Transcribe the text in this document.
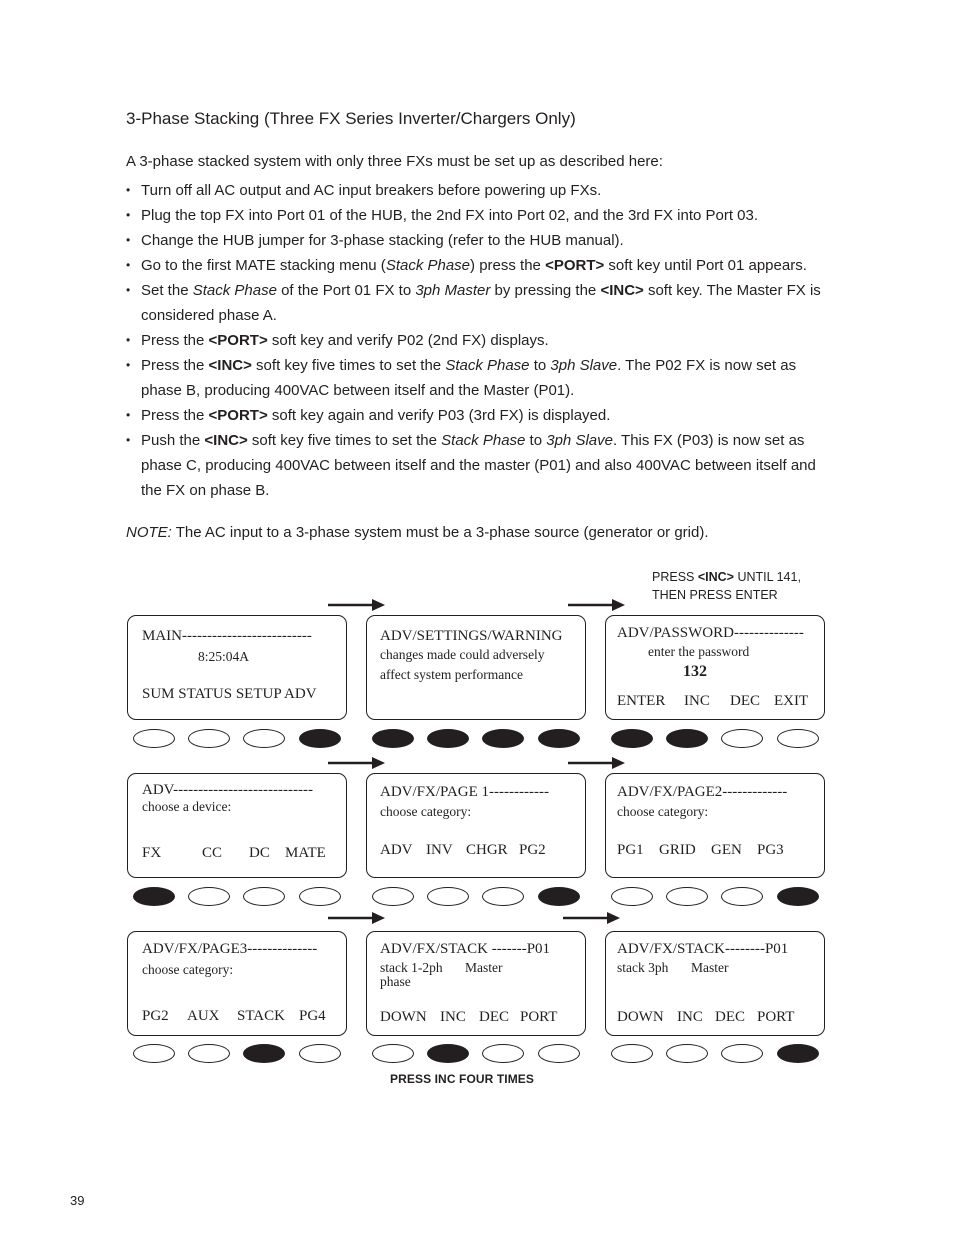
3-Phase Stacking (Three FX Series Inverter/Chargers Only)
A 3-phase stacked system with only three FXs must be set up as described here:
• Turn off all AC output and AC input breakers before powering up FXs.
• Plug the top FX into Port 01 of the HUB, the 2nd FX into Port 02, and the 3rd FX into Port 03.
• Change the HUB jumper for 3-phase stacking (refer to the HUB manual).
• Go to the first MATE stacking menu (Stack Phase) press the <PORT> soft key until Port 01 appears.
• Set the Stack Phase of the Port 01 FX to 3ph Master by pressing the <INC> soft key. The Master FX is considered phase A.
• Press the <PORT> soft key and verify P02 (2nd FX) displays.
• Press the <INC> soft key five times to set the Stack Phase to 3ph Slave. The P02 FX is now set as phase B, producing 400VAC between itself and the Master (P01).
• Press the <PORT> soft key again and verify P03 (3rd FX) is displayed.
• Push the <INC> soft key five times to set the Stack Phase to 3ph Slave. This FX (P03) is now set as phase C, producing 400VAC between itself and the master (P01) and also 400VAC between itself and the FX on phase B.
NOTE: The AC input to a 3-phase system must be a 3-phase source (generator or grid).
PRESS <INC> UNTIL 141,
THEN PRESS ENTER
MAIN--------------------------
8:25:04A
SUM STATUS SETUP ADV
ADV/SETTINGS/WARNING
changes made could adversely
affect system performance
ADV/PASSWORD--------------
enter the password
132
ENTER INC DEC EXIT
ADV----------------------------
choose a device:
FX	CC DC MATE
ADV/FX/PAGE 1------------
choose category:
ADV INV CHGR PG2
ADV/FX/PAGE2-------------
choose category:
PG1 GRID GEN PG3
ADV/FX/PAGE3--------------
choose category:
PG2 AUX STACK PG4
ADV/FX/STACK -------P01
stack 1-2ph Master
phase
DOWN INC DEC PORT
ADV/FX/STACK--------P01
stack 3ph Master
DOWN INC DEC PORT
PRESS INC FOUR TIMES
39
